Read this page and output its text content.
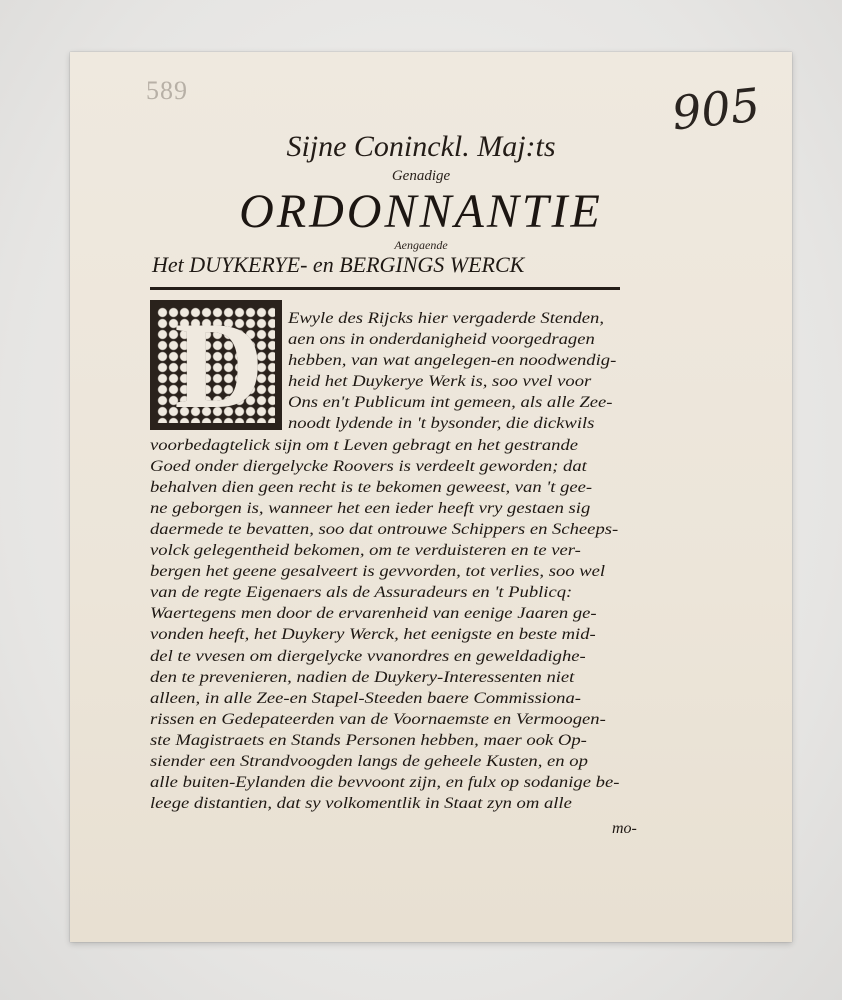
589	905
Sijne Coninckl. Maj:ts
Genadige
ORDONNANTIE
Aengaende
Het DUYKERYE- en BERGINGS WERCK
D	Ewyle des Rijcks hier vergaderde Stenden,
aen ons in onderdanigheid voorgedragen
hebben, van wat angelegen-en noodwendig-
heid het Duykerye Werk is, soo vvel voor
Ons en't Publicum int gemeen, als alle Zee-
noodt lydende in 't bysonder, die dickwils
voorbedagtelick sijn om t Leven gebragt en het gestrande
Goed onder diergelycke Roovers is verdeelt geworden; dat
behalven dien geen recht is te bekomen geweest, van 't gee-
ne geborgen is, wanneer het een ieder heeft vry gestaen sig
daermede te bevatten, soo dat ontrouwe Schippers en Scheeps-
volck gelegentheid bekomen, om te verduisteren en te ver-
bergen het geene gesalveert is gevvorden, tot verlies, soo wel
van de regte Eigenaers als de Assuradeurs en 't Publicq:
Waertegens men door de ervarenheid van eenige Jaaren ge-
vonden heeft, het Duykery Werck, het eenigste en beste mid-
del te vvesen om diergelycke vvanordres en geweldadighe-
den te prevenieren, nadien de Duykery-Interessenten niet
alleen, in alle Zee-en Stapel-Steeden baere Commissiona-
rissen en Gedepateerden van de Voornaemste en Vermoogen-
ste Magistraets en Stands Personen hebben, maer ook Op-
siender een Strandvoogden langs de geheele Kusten, en op
alle buiten-Eylanden die bevvoont zijn, en fulx op sodanige be-
leege distantien, dat sy volkomentlik in Staat zyn om alle
mo-
